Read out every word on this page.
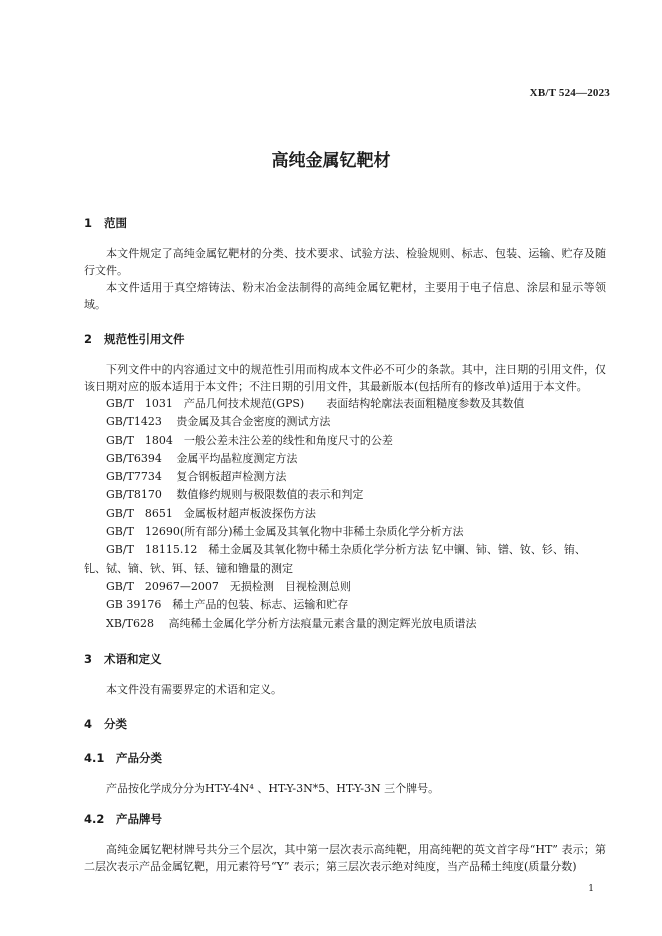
XB/T 524—2023
高纯金属钇靶材
1 范围

本文件规定了高纯金属钇靶材的分类、技术要求、试验方法、检验规则、标志、包装、运输、贮存及随行文件。

本文件适用于真空熔铸法、粉末冶金法制得的高纯金属钇靶材，主要用于电子信息、涂层和显示等领域。

2 规范性引用文件

下列文件中的内容通过文中的规范性引用而构成本文件必不可少的条款。其中，注日期的引用文件，仅该日期对应的版本适用于本文件；不注日期的引用文件，其最新版本(包括所有的修改单)适用于本文件。

GB/T　1031　产品几何技术规范(GPS)　　表面结构轮廓法表面粗糙度参数及其数值

GB/T1423　 贵金属及其合金密度的测试方法

GB/T　1804　一般公差未注公差的线性和角度尺寸的公差

GB/T6394　 金属平均晶粒度测定方法

GB/T7734　 复合钢板超声检测方法

GB/T8170　 数值修约规则与极限数值的表示和判定

GB/T　8651　金属板材超声板波探伤方法

GB/T　12690(所有部分)稀土金属及其氧化物中非稀土杂质化学分析方法

GB/T　18115.12　稀土金属及其氧化物中稀土杂质化学分析方法 钇中镧、铈、镨、钕、钐、铕、钆、铽、镝、钬、铒、铥、镱和镥量的测定

GB/T　20967—2007　无损检测　目视检测总则

GB 39176　稀土产品的包装、标志、运输和贮存

XB/T628　 高纯稀土金属化学分析方法痕量元素含量的测定辉光放电质谱法

3 术语和定义

本文件没有需要界定的术语和定义。

4 分类
4.1 产品分类

产品按化学成分分为HT-Y-4N⁴ 、HT-Y-3N*5、HT-Y-3N 三个牌号。

4.2 产品牌号

高纯金属钇靶材牌号共分三个层次，其中第一层次表示高纯靶，用高纯靶的英文首字母“HT” 表示；第二层次表示产品金属钇靶，用元素符号“Y” 表示；第三层次表示绝对纯度，当产品稀土纯度(质量分数)

1
